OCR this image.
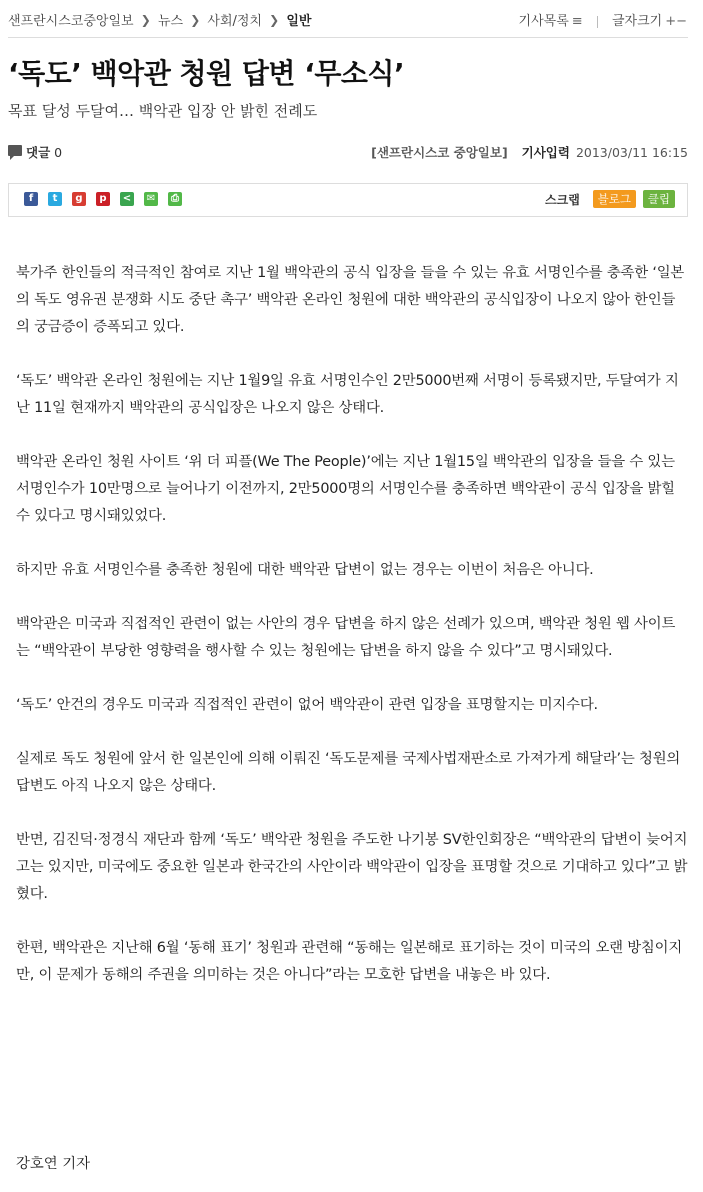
샌프란시스코중앙일보 ❯ 뉴스 ❯ 사회/정치 ❯ 일반	기사목록 ≡ 글자크기 +−
‘독도’ 백악관 청원 답변 ‘무소식’
목표 달성 두달여… 백악관 입장 안 밝힌 전례도
댓글 0	[샌프란시스코 중앙일보] 기사입력 2013/03/11 16:15
f t g p < ✉ ⎙	스크랩 블로그 클립

북가주 한인들의 적극적인 참여로 지난 1월 백악관의 공식 입장을 들을 수 있는 유효 서명인수를 충족한 ‘일본의 독도 영유권 분쟁화 시도 중단 촉구’ 백악관 온라인 청원에 대한 백악관의 공식입장이 나오지 않아 한인들의 궁금증이 증폭되고 있다.

‘독도’ 백악관 온라인 청원에는 지난 1월9일 유효 서명인수인 2만5000번째 서명이 등록됐지만, 두달여가 지난 11일 현재까지 백악관의 공식입장은 나오지 않은 상태다.

백악관 온라인 청원 사이트 ‘위 더 피플(We The People)’에는 지난 1월15일 백악관의 입장을 들을 수 있는 서명인수가 10만명으로 늘어나기 이전까지, 2만5000명의 서명인수를 충족하면 백악관이 공식 입장을 밝힐 수 있다고 명시돼있었다.

하지만 유효 서명인수를 충족한 청원에 대한 백악관 답변이 없는 경우는 이번이 처음은 아니다.

백악관은 미국과 직접적인 관련이 없는 사안의 경우 답변을 하지 않은 선례가 있으며, 백악관 청원 웹 사이트는 “백악관이 부당한 영향력을 행사할 수 있는 청원에는 답변을 하지 않을 수 있다”고 명시돼있다.

‘독도’ 안건의 경우도 미국과 직접적인 관련이 없어 백악관이 관련 입장을 표명할지는 미지수다.

실제로 독도 청원에 앞서 한 일본인에 의해 이뤄진 ‘독도문제를 국제사법재판소로 가져가게 해달라’는 청원의 답변도 아직 나오지 않은 상태다.

반면, 김진덕·정경식 재단과 함께 ‘독도’ 백악관 청원을 주도한 나기봉 SV한인회장은 “백악관의 답변이 늦어지고는 있지만, 미국에도 중요한 일본과 한국간의 사안이라 백악관이 입장을 표명할 것으로 기대하고 있다”고 밝혔다.

한편, 백악관은 지난해 6월 ‘동해 표기’ 청원과 관련해 “동해는 일본해로 표기하는 것이 미국의 오랜 방침이지만, 이 문제가 동해의 주권을 의미하는 것은 아니다”라는 모호한 답변을 내놓은 바 있다.

강호연 기자
